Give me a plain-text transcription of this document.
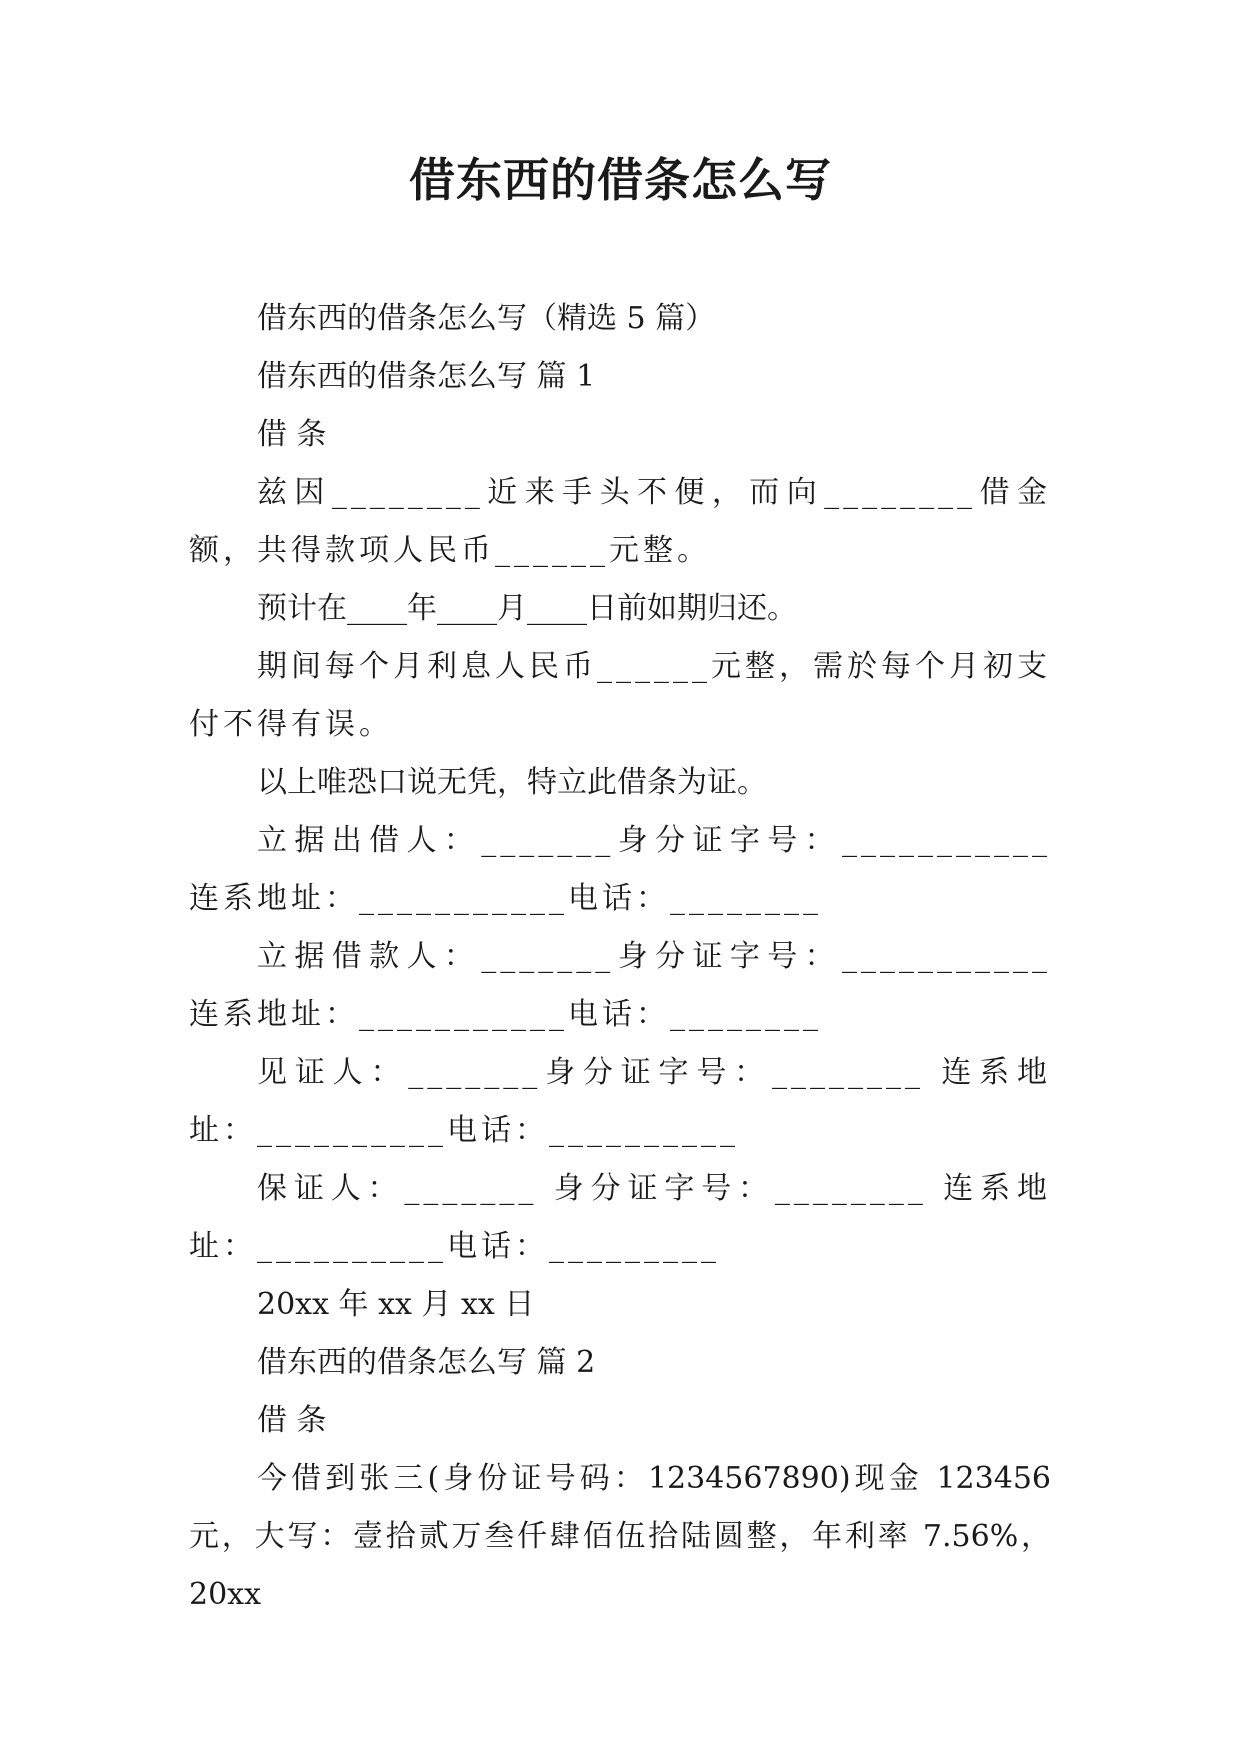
借东西的借条怎么写

借东西的借条怎么写（精选 5 篇）

借东西的借条怎么写 篇 1

借 条

兹因________近来手头不便，而向________借金额，共得款项人民币______元整。

预计在____年____月____日前如期归还。

期间每个月利息人民币______元整，需於每个月初支付不得有误。

以上唯恐口说无凭，特立此借条为证。

立据出借人：_______身分证字号：___________ 连系地址：___________电话：________

立据借款人：_______身分证字号：___________ 连系地址：___________电话：________

见证人：_______身分证字号：________ 连系地址：__________电话：__________

保证人：_______ 身分证字号：________ 连系地址：__________电话：_________

20xx 年 xx 月 xx 日

借东西的借条怎么写 篇 2

借 条

今借到张三(身份证号码：1234567890)现金 123456 元，大写：壹拾贰万叁仟肆佰伍拾陆圆整，年利率 7.56%，20xx
